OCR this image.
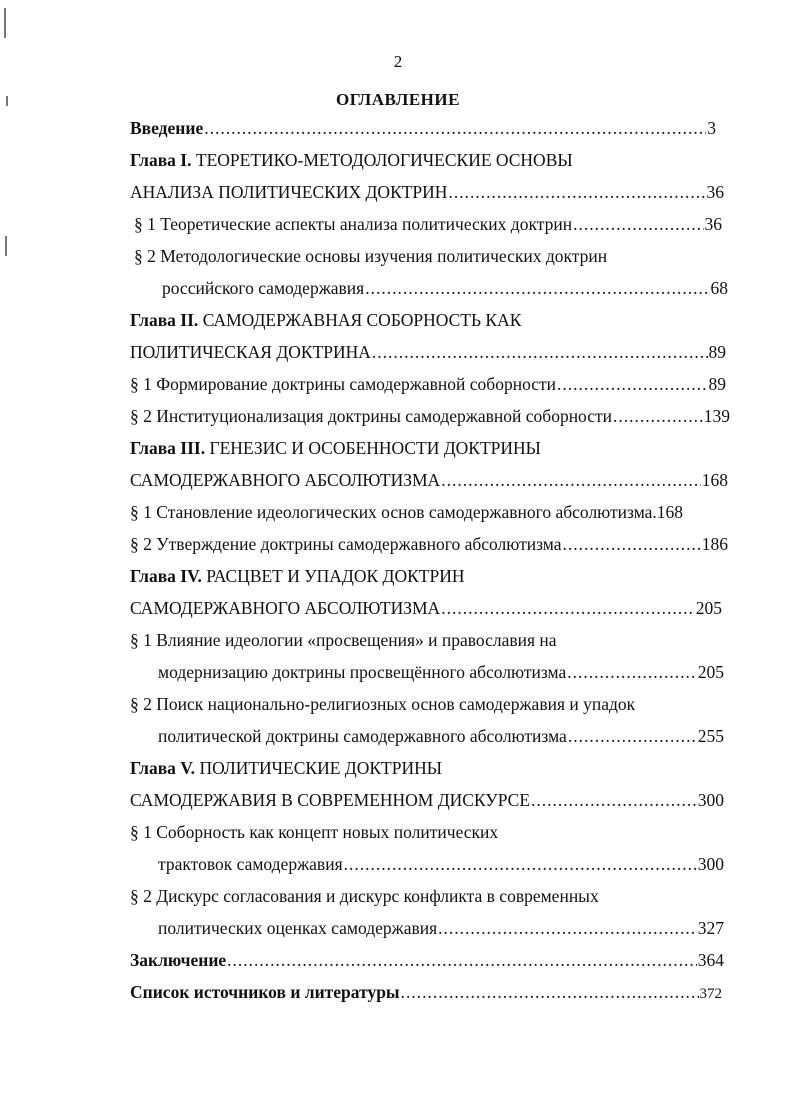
2
ОГЛАВЛЕНИЕ
Введение .....	3
Глава I. ТЕОРЕТИКО-МЕТОДОЛОГИЧЕСКИЕ ОСНОВЫ
АНАЛИЗА ПОЛИТИЧЕСКИХ ДОКТРИН .....	36
§ 1 Теоретические аспекты анализа политических доктрин .....	36
§ 2 Методологические основы изучения политических доктрин
российского самодержавия .....	68
Глава II. САМОДЕРЖАВНАЯ СОБОРНОСТЬ КАК
ПОЛИТИЧЕСКАЯ ДОКТРИНА .....	89
§ 1 Формирование доктрины самодержавной соборности .....	89
§ 2 Институционализация доктрины самодержавной соборности .....	139
Глава III. ГЕНЕЗИС И ОСОБЕННОСТИ ДОКТРИНЫ
САМОДЕРЖАВНОГО АБСОЛЮТИЗМА .....	168
§ 1 Становление идеологических основ самодержавного абсолютизма. 168
§ 2 Утверждение доктрины самодержавного абсолютизма .....	186
Глава IV. РАСЦВЕТ И УПАДОК ДОКТРИН
САМОДЕРЖАВНОГО АБСОЛЮТИЗМА .....	205
§ 1 Влияние идеологии «просвещения» и православия на
модернизацию доктрины просвещённого абсолютизма .....	205
§ 2 Поиск национально-религиозных основ самодержавия и упадок
политической доктрины самодержавного абсолютизма .....	255
Глава V. ПОЛИТИЧЕСКИЕ ДОКТРИНЫ
САМОДЕРЖАВИЯ В СОВРЕМЕННОМ ДИСКУРСЕ .....	300
§ 1 Соборность как концепт новых политических
трактовок самодержавия .....	300
§ 2 Дискурс согласования и дискурс конфликта в современных
политических оценках самодержавия .....	327
Заключение .....	364
Список источников и литературы .....	372
